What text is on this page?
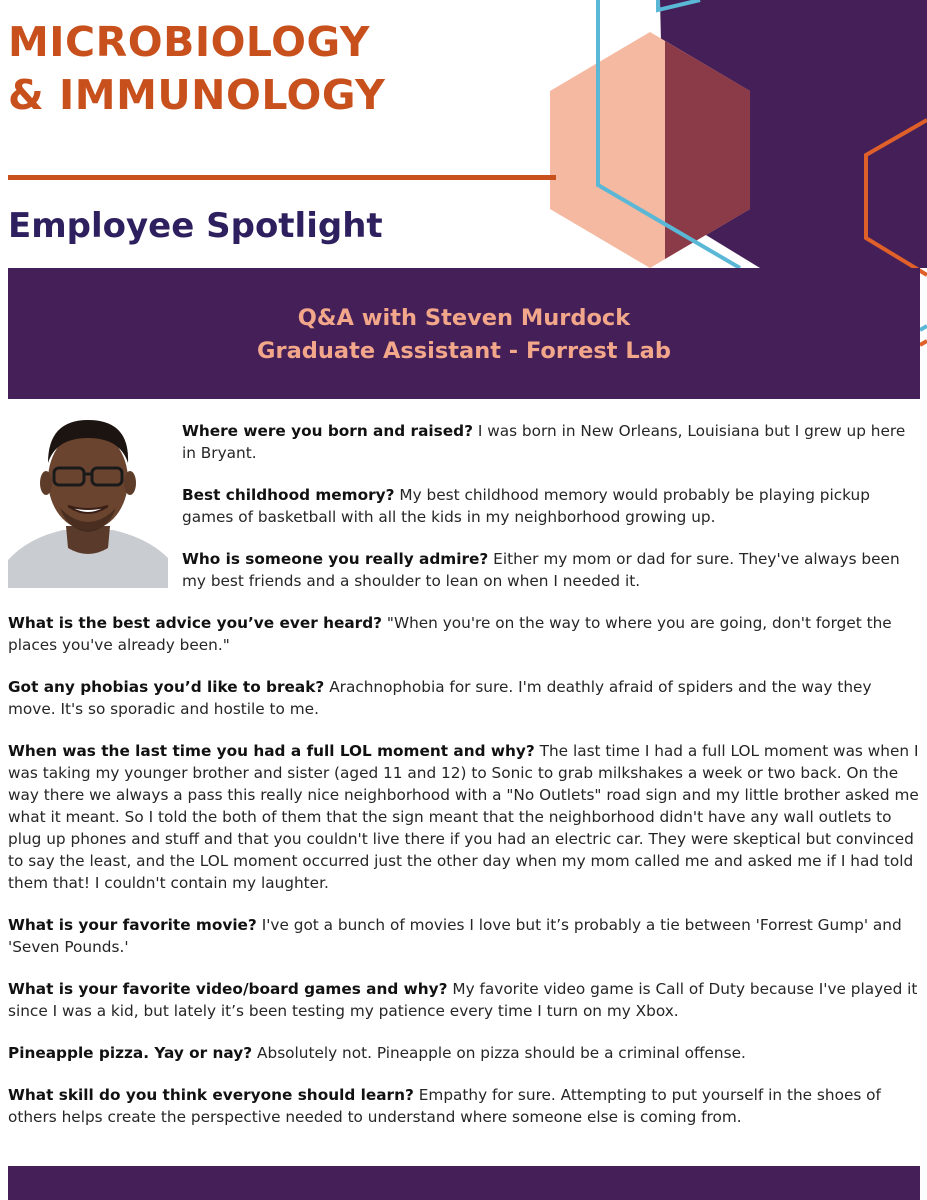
MICROBIOLOGY
& IMMUNOLOGY
Employee Spotlight
Q&A with Steven Murdock
Graduate Assistant - Forrest Lab

Where were you born and raised? I was born in New Orleans, Louisiana but I grew up here in Bryant.

Best childhood memory? My best childhood memory would probably be playing pickup games of basketball with all the kids in my neighborhood growing up.

Who is someone you really admire? Either my mom or dad for sure. They've always been my best friends and a shoulder to lean on when I needed it.

What is the best advice you’ve ever heard? "When you're on the way to where you are going, don't forget the places you've already been."

Got any phobias you’d like to break? Arachnophobia for sure. I'm deathly afraid of spiders and the way they move. It's so sporadic and hostile to me.

When was the last time you had a full LOL moment and why? The last time I had a full LOL moment was when I was taking my younger brother and sister (aged 11 and 12) to Sonic to grab milkshakes a week or two back. On the way there we always a pass this really nice neighborhood with a "No Outlets" road sign and my little brother asked me what it meant. So I told the both of them that the sign meant that the neighborhood didn't have any wall outlets to plug up phones and stuff and that you couldn't live there if you had an electric car. They were skeptical but convinced to say the least, and the LOL moment occurred just the other day when my mom called me and asked me if I had told them that! I couldn't contain my laughter.

What is your favorite movie? I've got a bunch of movies I love but it’s probably a tie between 'Forrest Gump' and 'Seven Pounds.'

What is your favorite video/board games and why? My favorite video game is Call of Duty because I've played it since I was a kid, but lately it’s been testing my patience every time I turn on my Xbox.

Pineapple pizza. Yay or nay? Absolutely not. Pineapple on pizza should be a criminal offense.

What skill do you think everyone should learn? Empathy for sure. Attempting to put yourself in the shoes of others helps create the perspective needed to understand where someone else is coming from.
